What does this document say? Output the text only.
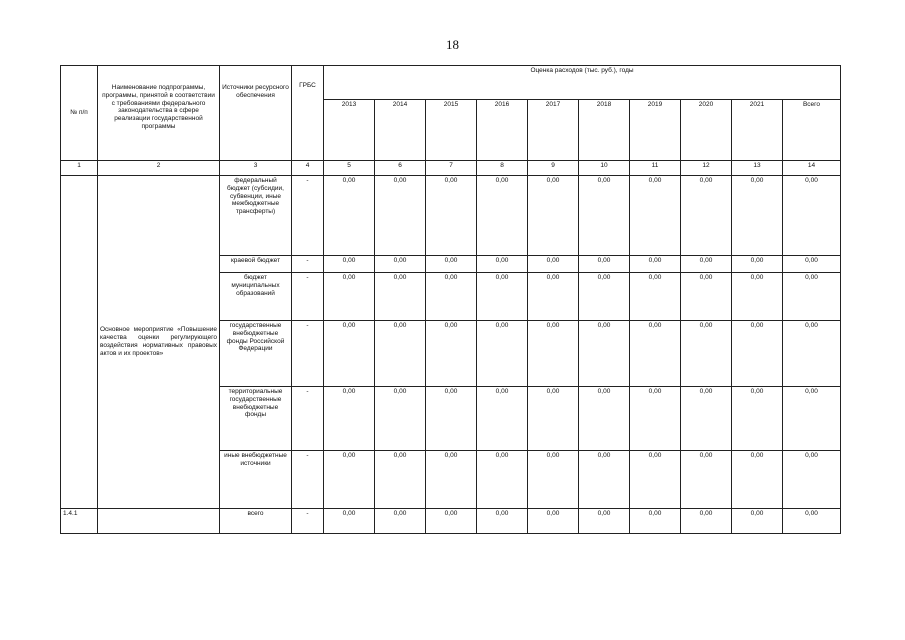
18
№ п/п	Наименование подпрограммы, программы, принятой в соответствии с требованиями федерального законодательства в сфере реализации государственной программы	Источники ресурсного обеспечения	ГРБС	Оценка расходов (тыс. руб.), годы									
				2013	2014	2015	2016	2017	2018	2019	2020	2021	Всего
1	2	3	4	5	6	7	8	9	10	11	12	13	14
	Основное мероприятие «Повышение качества оценки регулирующего воздействия нормативных правовых актов и их проектов»	федеральный бюджет (субсидии, субвенции, иные межбюджетные трансферты)	-	0,00	0,00	0,00	0,00	0,00	0,00	0,00	0,00	0,00	0,00
		краевой бюджет	-	0,00	0,00	0,00	0,00	0,00	0,00	0,00	0,00	0,00	0,00
		бюджет муниципальных образований	-	0,00	0,00	0,00	0,00	0,00	0,00	0,00	0,00	0,00	0,00
		государственные внебюджетные фонды Российской Федерации	-	0,00	0,00	0,00	0,00	0,00	0,00	0,00	0,00	0,00	0,00
		территориальные государственные внебюджетные фонды	-	0,00	0,00	0,00	0,00	0,00	0,00	0,00	0,00	0,00	0,00
		иные внебюджетные источники	-	0,00	0,00	0,00	0,00	0,00	0,00	0,00	0,00	0,00	0,00
1.4.1		всего	-	0,00	0,00	0,00	0,00	0,00	0,00	0,00	0,00	0,00	0,00
